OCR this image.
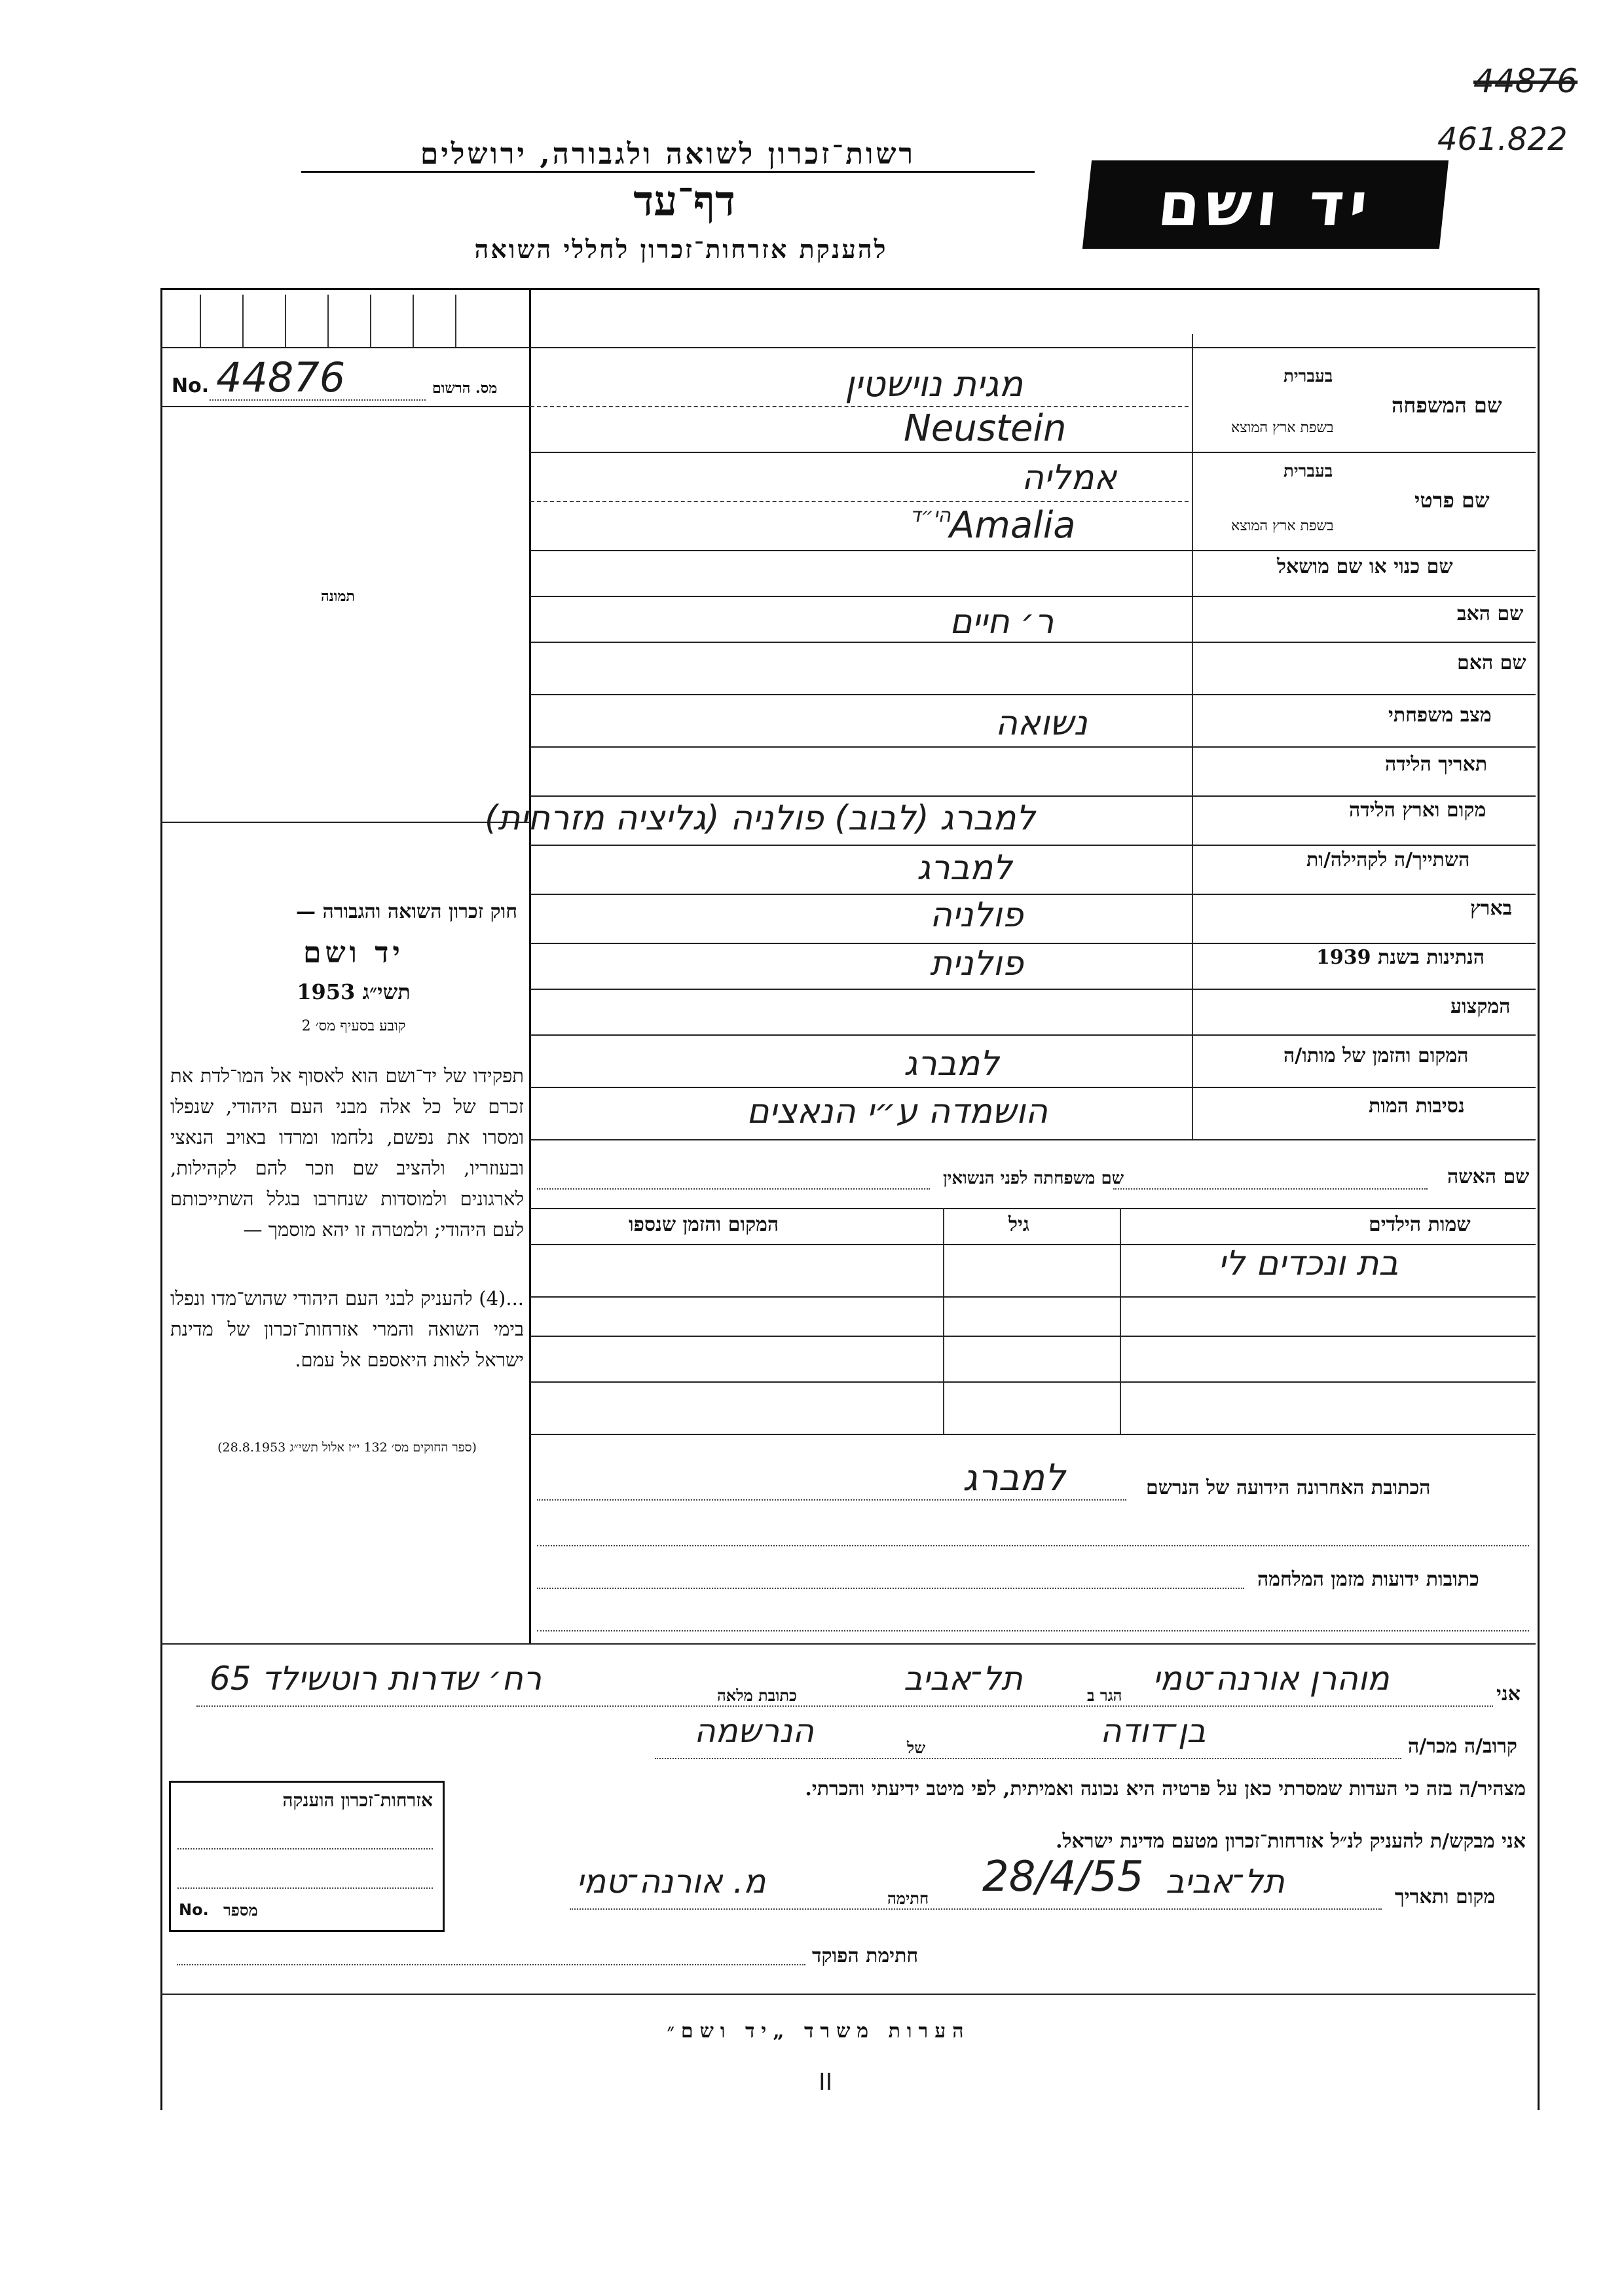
44876
461.822
רשות־זכרון לשואה ולגבורה, ירושלים
דף־עד
להענקת אזרחות־זכרון לחללי השואה
יד ושם
No. 44876	מס. הרשום
תמונה
חוק זכרון השואה והגבורה —
יד ושם
תשי״ג 1953
קובע בסעיף מס׳ 2
תפקידו של יד־ושם הוא לאסוף אל המו־לדת את זכרם של כל אלה מבני העם היהודי, שנפלו ומסרו את נפשם, נלחמו ומרדו באויב הנאצי ובעוזריו, ולהציב שם וזכר להם לקהילות, לארגונים ולמוסדות שנחרבו בגלל השתייכותם לעם היהודי; ולמטרה זו יהא מוסמך —
...(4) להעניק לבני העם היהודי שהוש־מדו ונפלו בימי השואה והמרי אזרחות־זכרון של מדינת ישראל לאות היאספם אל עמם.
(ספר החוקים מס׳ 132 י״ז אלול תשי״ג 28.8.1953)
שם המשפחה
בעברית
בשפת ארץ המוצא
מגית נוישטין
Neustein
שם פרטי
בעברית
בשפת ארץ המוצא
אמליה
הי״ד
Amalia
שם כנוי או שם מושאל
שם האב
ר׳ חיים
שם האם
מצב משפחתי
נשואה
תאריך הלידה
מקום וארץ הלידה
למברג (לבוב) פולניה (גליציה מזרחית)
השתייך/ה לקהילה/ות
למברג
בארץ
פולניה
הנתינות בשנת 1939
פולנית
המקצוע
המקום והזמן של מותו/ה
למברג
נסיבות המות
הושמדה ע״י הנאצים
שם האשה
שם משפחתה לפני הנשואין
שמות הילדים
גיל
המקום והזמן שנספו
בת ונכדים לי
הכתובת האחרונה הידועה של הנרשם
למברג
כתובות ידועות מזמן המלחמה
אני
מוהרן אורנה־טמי
הגר ב
תל־אביב
כתובת מלאה
רח׳ שדרות רוטשילד 65
קרוב/ה מכר/ה
בן־דודה
של
הנרשמה
מצהיר/ה בזה כי העדות שמסרתי כאן על פרטיה היא נכונה ואמיתית, לפי מיטב ידיעתי והכרתי.
אני מבקש/ת להעניק לנ״ל אזרחות־זכרון מטעם מדינת ישראל.
מקום ותאריך
תל־אביב
28/4/55
חתימה
מ. אורנה־טמי
אזרחות־זכרון הוענקה
No. מספר
חתימת הפוקד
הערות משרד „יד ושם״
II
